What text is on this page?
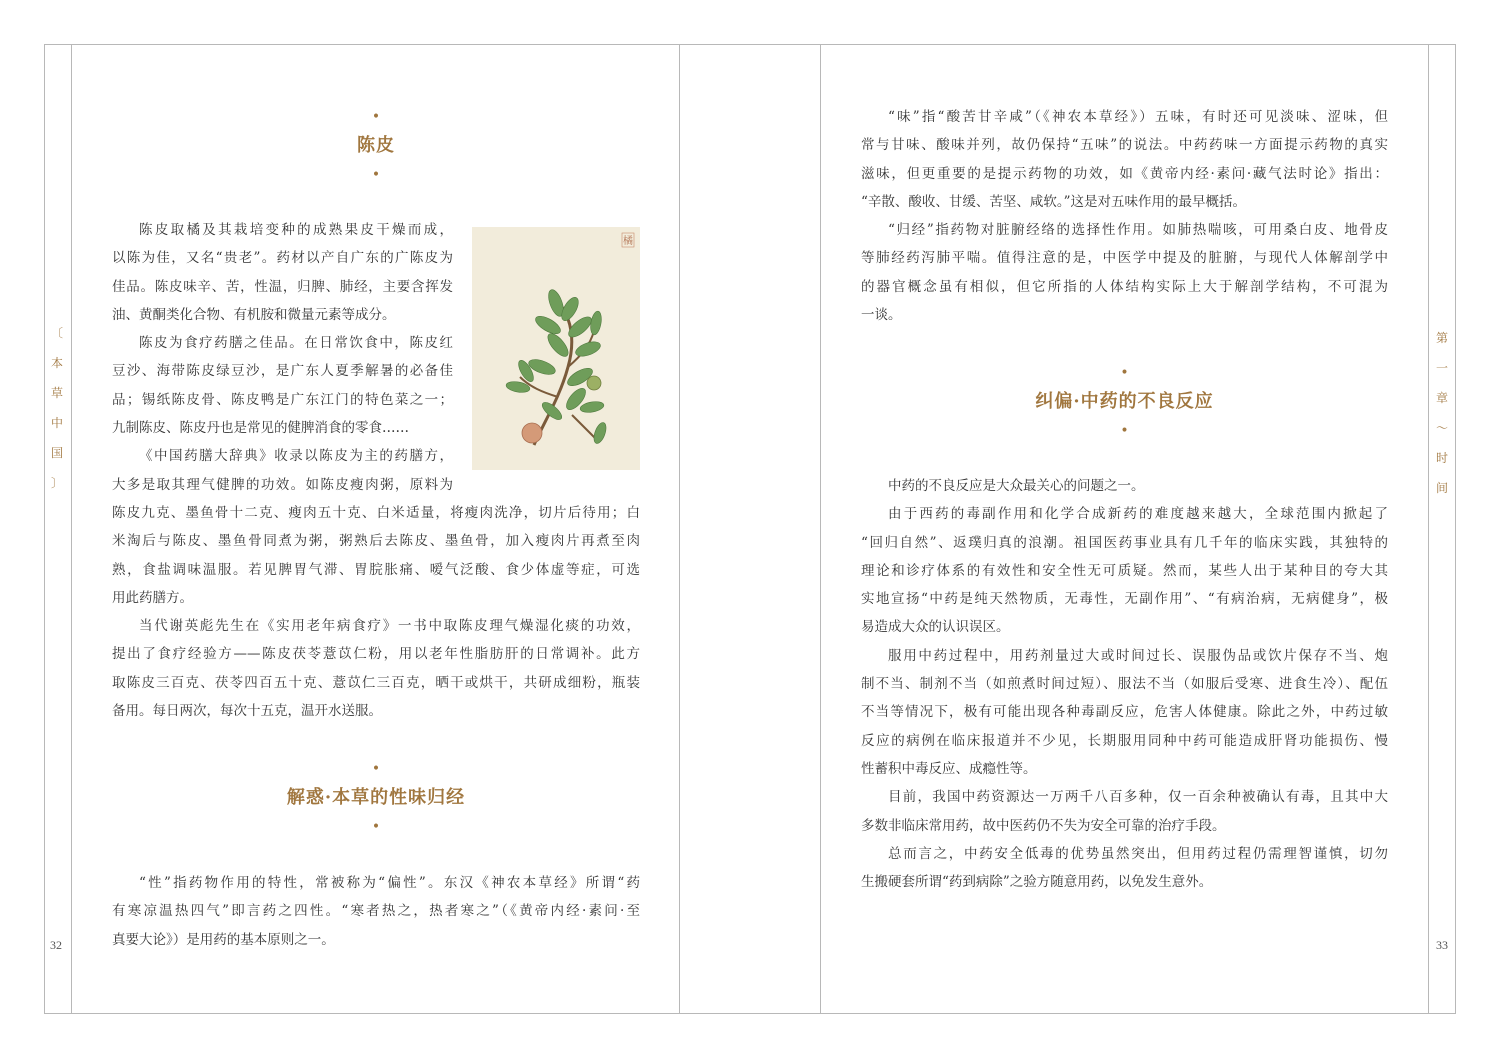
〔
本
草
中
国
〕
32
第
一
章
〜
时
间
33
•
陈皮
•
橘
陈皮取橘及其栽培变种的成熟果皮干燥而成，
以陈为佳，又名“贵老”。药材以产自广东的广陈皮为
佳品。陈皮味辛、苦，性温，归脾、肺经，主要含挥发
油、黄酮类化合物、有机胺和微量元素等成分。
陈皮为食疗药膳之佳品。在日常饮食中，陈皮红
豆沙、海带陈皮绿豆沙，是广东人夏季解暑的必备佳
品；锡纸陈皮骨、陈皮鸭是广东江门的特色菜之一；
九制陈皮、陈皮丹也是常见的健脾消食的零食……
《中国药膳大辞典》收录以陈皮为主的药膳方，
大多是取其理气健脾的功效。如陈皮瘦肉粥，原料为
陈皮九克、墨鱼骨十二克、瘦肉五十克、白米适量，将瘦肉洗净，切片后待用；白
米淘后与陈皮、墨鱼骨同煮为粥，粥熟后去陈皮、墨鱼骨，加入瘦肉片再煮至肉
熟，食盐调味温服。若见脾胃气滞、胃脘胀痛、嗳气泛酸、食少体虚等症，可选
用此药膳方。
当代谢英彪先生在《实用老年病食疗》一书中取陈皮理气燥湿化痰的功效，
提出了食疗经验方——陈皮茯苓薏苡仁粉，用以老年性脂肪肝的日常调补。此方
取陈皮三百克、茯苓四百五十克、薏苡仁三百克，晒干或烘干，共研成细粉，瓶装
备用。每日两次，每次十五克，温开水送服。
•
解惑·本草的性味归经
•
“性”指药物作用的特性，常被称为“偏性”。东汉《神农本草经》所谓“药
有寒凉温热四气”即言药之四性。“寒者热之，热者寒之”（《黄帝内经·素问·至
真要大论》）是用药的基本原则之一。
“味”指“酸苦甘辛咸”（《神农本草经》）五味，有时还可见淡味、涩味，但
常与甘味、酸味并列，故仍保持“五味”的说法。中药药味一方面提示药物的真实
滋味，但更重要的是提示药物的功效，如《黄帝内经·素问·藏气法时论》指出：
“辛散、酸收、甘缓、苦坚、咸软。”这是对五味作用的最早概括。
“归经”指药物对脏腑经络的选择性作用。如肺热喘咳，可用桑白皮、地骨皮
等肺经药泻肺平喘。值得注意的是，中医学中提及的脏腑，与现代人体解剖学中
的器官概念虽有相似，但它所指的人体结构实际上大于解剖学结构，不可混为
一谈。
•
纠偏·中药的不良反应
•
中药的不良反应是大众最关心的问题之一。
由于西药的毒副作用和化学合成新药的难度越来越大，全球范围内掀起了
“回归自然”、返璞归真的浪潮。祖国医药事业具有几千年的临床实践，其独特的
理论和诊疗体系的有效性和安全性无可质疑。然而，某些人出于某种目的夸大其
实地宣扬“中药是纯天然物质，无毒性，无副作用”、“有病治病，无病健身”，极
易造成大众的认识误区。
服用中药过程中，用药剂量过大或时间过长、误服伪品或饮片保存不当、炮
制不当、制剂不当（如煎煮时间过短）、服法不当（如服后受寒、进食生冷）、配伍
不当等情况下，极有可能出现各种毒副反应，危害人体健康。除此之外，中药过敏
反应的病例在临床报道并不少见，长期服用同种中药可能造成肝肾功能损伤、慢
性蓄积中毒反应、成瘾性等。
目前，我国中药资源达一万两千八百多种，仅一百余种被确认有毒，且其中大
多数非临床常用药，故中医药仍不失为安全可靠的治疗手段。
总而言之，中药安全低毒的优势虽然突出，但用药过程仍需理智谨慎，切勿
生搬硬套所谓“药到病除”之验方随意用药，以免发生意外。
